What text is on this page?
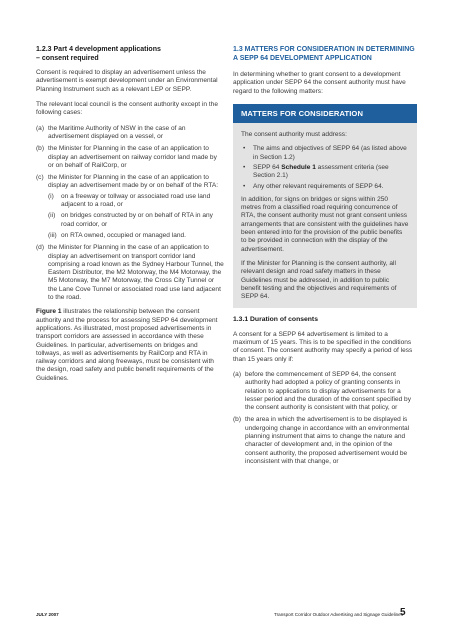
1.2.3 Part 4 development applications
– consent required

Consent is required to display an advertisement unless the advertisement is exempt development under an Environmental Planning Instrument such as a relevant LEP or SEPP.

The relevant local council is the consent authority except in the following cases:

(a) the Maritime Authority of NSW in the case of an advertisement displayed on a vessel, or
(b) the Minister for Planning in the case of an application to display an advertisement on railway corridor land made by or on behalf of RailCorp, or
(c) the Minister for Planning in the case of an application to display an advertisement made by or on behalf of the RTA:
(i) on a freeway or tollway or associated road use land adjacent to a road, or
(ii) on bridges constructed by or on behalf of RTA in any road corridor, or
(iii) on RTA owned, occupied or managed land.
(d) the Minister for Planning in the case of an application to display an advertisement on transport corridor land comprising a road known as the Sydney Harbour Tunnel, the Eastern Distributor, the M2 Motorway, the M4 Motorway, the M5 Motorway, the M7 Motorway, the Cross City Tunnel or the Lane Cove Tunnel or associated road use land adjacent to the road.

Figure 1 illustrates the relationship between the consent authority and the process for assessing SEPP 64 development applications. As illustrated, most proposed advertisements in transport corridors are assessed in accordance with these Guidelines. In particular, advertisements on bridges and tollways, as well as advertisements by RailCorp and RTA in railway corridors and along freeways, must be consistent with the design, road safety and public benefit requirements of the Guidelines.

1.3 MATTERS FOR CONSIDERATION IN DETERMINING A SEPP 64 DEVELOPMENT APPLICATION

In determining whether to grant consent to a development application under SEPP 64 the consent authority must have regard to the following matters:

MATTERS FOR CONSIDERATION

The consent authority must address:

• The aims and objectives of SEPP 64 (as listed above in Section 1.2)
• SEPP 64 Schedule 1 assessment criteria (see Section 2.1)
• Any other relevant requirements of SEPP 64.

In addition, for signs on bridges or signs within 250 metres from a classified road requiring concurrence of RTA, the consent authority must not grant consent unless arrangements that are consistent with the guidelines have been entered into for the provision of the public benefits to be provided in connection with the display of the advertisement.

If the Minister for Planning is the consent authority, all relevant design and road safety matters in these Guidelines must be addressed, in addition to public benefit testing and the objectives and requirements of SEPP 64.

1.3.1 Duration of consents

A consent for a SEPP 64 advertisement is limited to a maximum of 15 years. This is to be specified in the conditions of consent. The consent authority may specify a period of less than 15 years only if:

(a) before the commencement of SEPP 64, the consent authority had adopted a policy of granting consents in relation to applications to display advertisements for a lesser period and the duration of the consent specified by the consent authority is consistent with that policy, or
(b) the area in which the advertisement is to be displayed is undergoing change in accordance with an environmental planning instrument that aims to change the nature and character of development and, in the opinion of the consent authority, the proposed advertisement would be inconsistent with that change, or
JULY 2007	Transport Corridor Outdoor Advertising and Signage Guidelines
5
